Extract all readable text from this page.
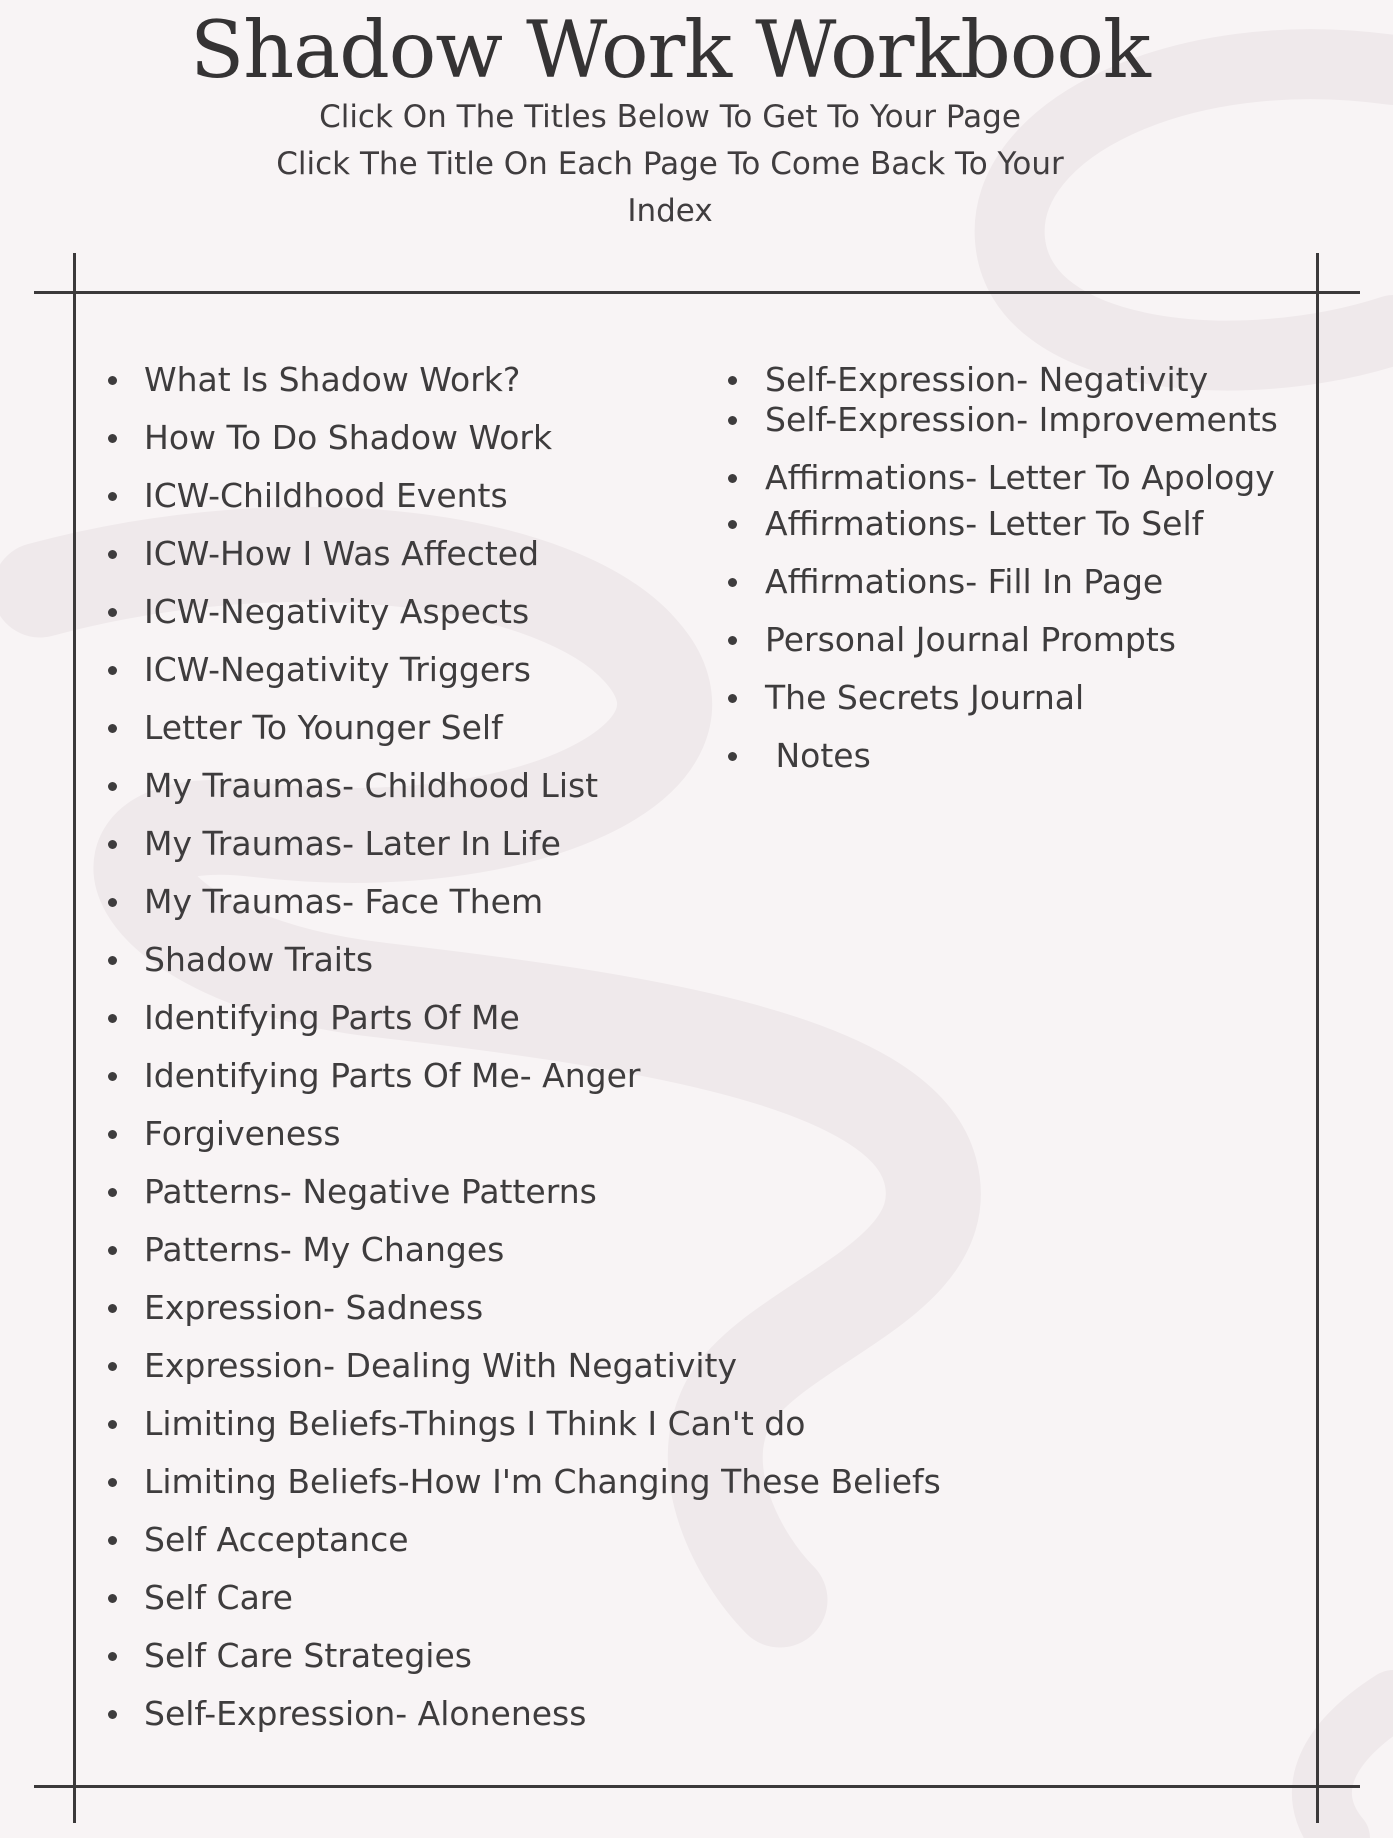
Shadow Work Workbook
Click On The Titles Below To Get To Your Page
Click The Title On Each Page To Come Back To Your
Index
What Is Shadow Work?
How To Do Shadow Work
ICW-Childhood Events
ICW-How I Was Affected
ICW-Negativity Aspects
ICW-Negativity Triggers
Letter To Younger Self
My Traumas- Childhood List
My Traumas- Later In Life
My Traumas- Face Them
Shadow Traits
Identifying Parts Of Me
Identifying Parts Of Me- Anger
Forgiveness
Patterns- Negative Patterns
Patterns- My Changes
Expression- Sadness
Expression- Dealing With Negativity
Limiting Beliefs-Things I Think I Can't do
Limiting Beliefs-How I'm Changing These Beliefs
Self Acceptance
Self Care
Self Care Strategies
Self-Expression- Aloneness
Self-Expression- Negativity
Self-Expression- Improvements
Affirmations- Letter To Apology
Affirmations- Letter To Self
Affirmations- Fill In Page
Personal Journal Prompts
The Secrets Journal
Notes
